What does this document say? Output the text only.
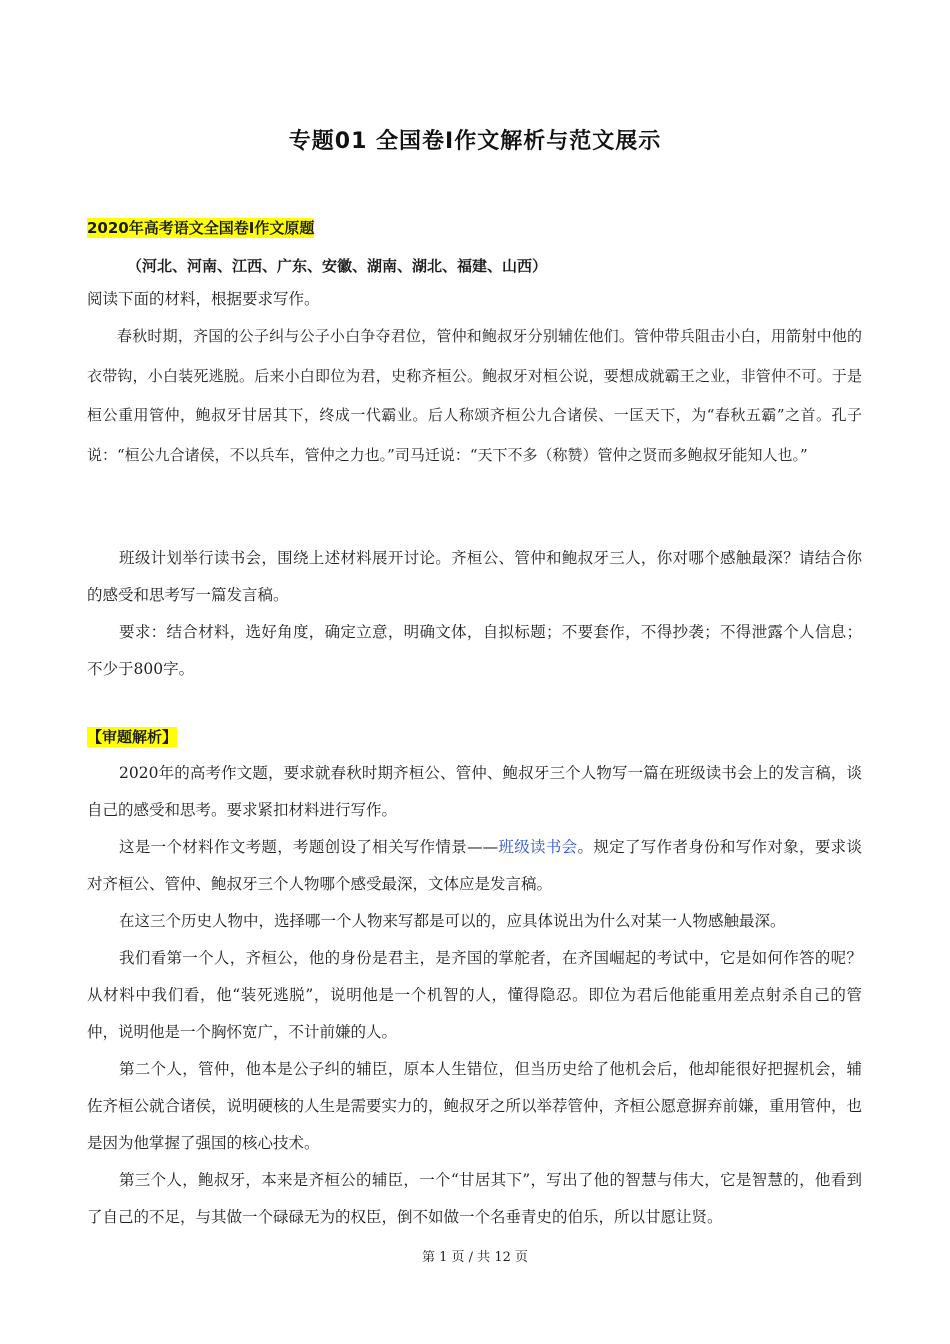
专题01 全国卷Ⅰ作文解析与范文展示
2020年高考语文全国卷Ⅰ作文原题
（河北、河南、江西、广东、安徽、湖南、湖北、福建、山西）
阅读下面的材料，根据要求写作。

春秋时期，齐国的公子纠与公子小白争夺君位，管仲和鲍叔牙分别辅佐他们。管仲带兵阻击小白，用箭射中他的衣带钩，小白装死逃脱。后来小白即位为君，史称齐桓公。鲍叔牙对桓公说，要想成就霸王之业，非管仲不可。于是桓公重用管仲，鲍叔牙甘居其下，终成一代霸业。后人称颂齐桓公九合诸侯、一匡天下，为“春秋五霸”之首。孔子说：“桓公九合诸侯，不以兵车，管仲之力也。”司马迁说：“天下不多（称赞）管仲之贤而多鲍叔牙能知人也。”

班级计划举行读书会，围绕上述材料展开讨论。齐桓公、管仲和鲍叔牙三人，你对哪个感触最深？请结合你的感受和思考写一篇发言稿。

要求：结合材料，选好角度，确定立意，明确文体，自拟标题；不要套作，不得抄袭；不得泄露个人信息；不少于800字。

【审题解析】

2020年的高考作文题，要求就春秋时期齐桓公、管仲、鲍叔牙三个人物写一篇在班级读书会上的发言稿，谈自己的感受和思考。要求紧扣材料进行写作。

这是一个材料作文考题，考题创设了相关写作情景——班级读书会。规定了写作者身份和写作对象，要求谈对齐桓公、管仲、鲍叔牙三个人物哪个感受最深，文体应是发言稿。

在这三个历史人物中，选择哪一个人物来写都是可以的，应具体说出为什么对某一人物感触最深。

我们看第一个人，齐桓公，他的身份是君主，是齐国的掌舵者，在齐国崛起的考试中，它是如何作答的呢？从材料中我们看，他“装死逃脱”，说明他是一个机智的人，懂得隐忍。即位为君后他能重用差点射杀自己的管仲，说明他是一个胸怀宽广，不计前嫌的人。

第二个人，管仲，他本是公子纠的辅臣，原本人生错位，但当历史给了他机会后，他却能很好把握机会，辅佐齐桓公就合诸侯，说明硬核的人生是需要实力的，鲍叔牙之所以举荐管仲，齐桓公愿意摒弃前嫌，重用管仲，也是因为他掌握了强国的核心技术。

第三个人，鲍叔牙，本来是齐桓公的辅臣，一个“甘居其下”，写出了他的智慧与伟大，它是智慧的，他看到了自己的不足，与其做一个碌碌无为的权臣，倒不如做一个名垂青史的伯乐，所以甘愿让贤。

第 1 页 / 共 12 页
